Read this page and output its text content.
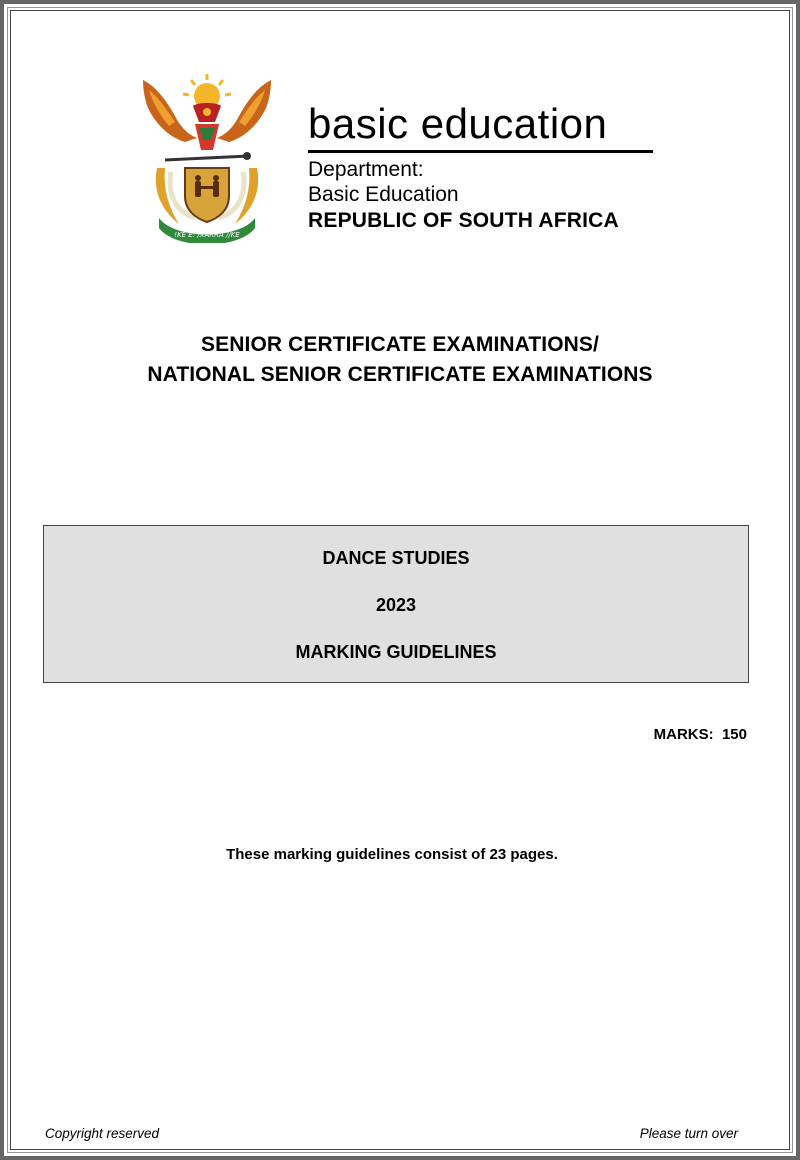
!KE E: /XARRA //KE
basic education
Department:
Basic Education
REPUBLIC OF SOUTH AFRICA
SENIOR CERTIFICATE EXAMINATIONS/
NATIONAL SENIOR CERTIFICATE EXAMINATIONS
DANCE STUDIES
2023
MARKING GUIDELINES
MARKS:  150
These marking guidelines consist of 23 pages.
Copyright reserved	Please turn over
